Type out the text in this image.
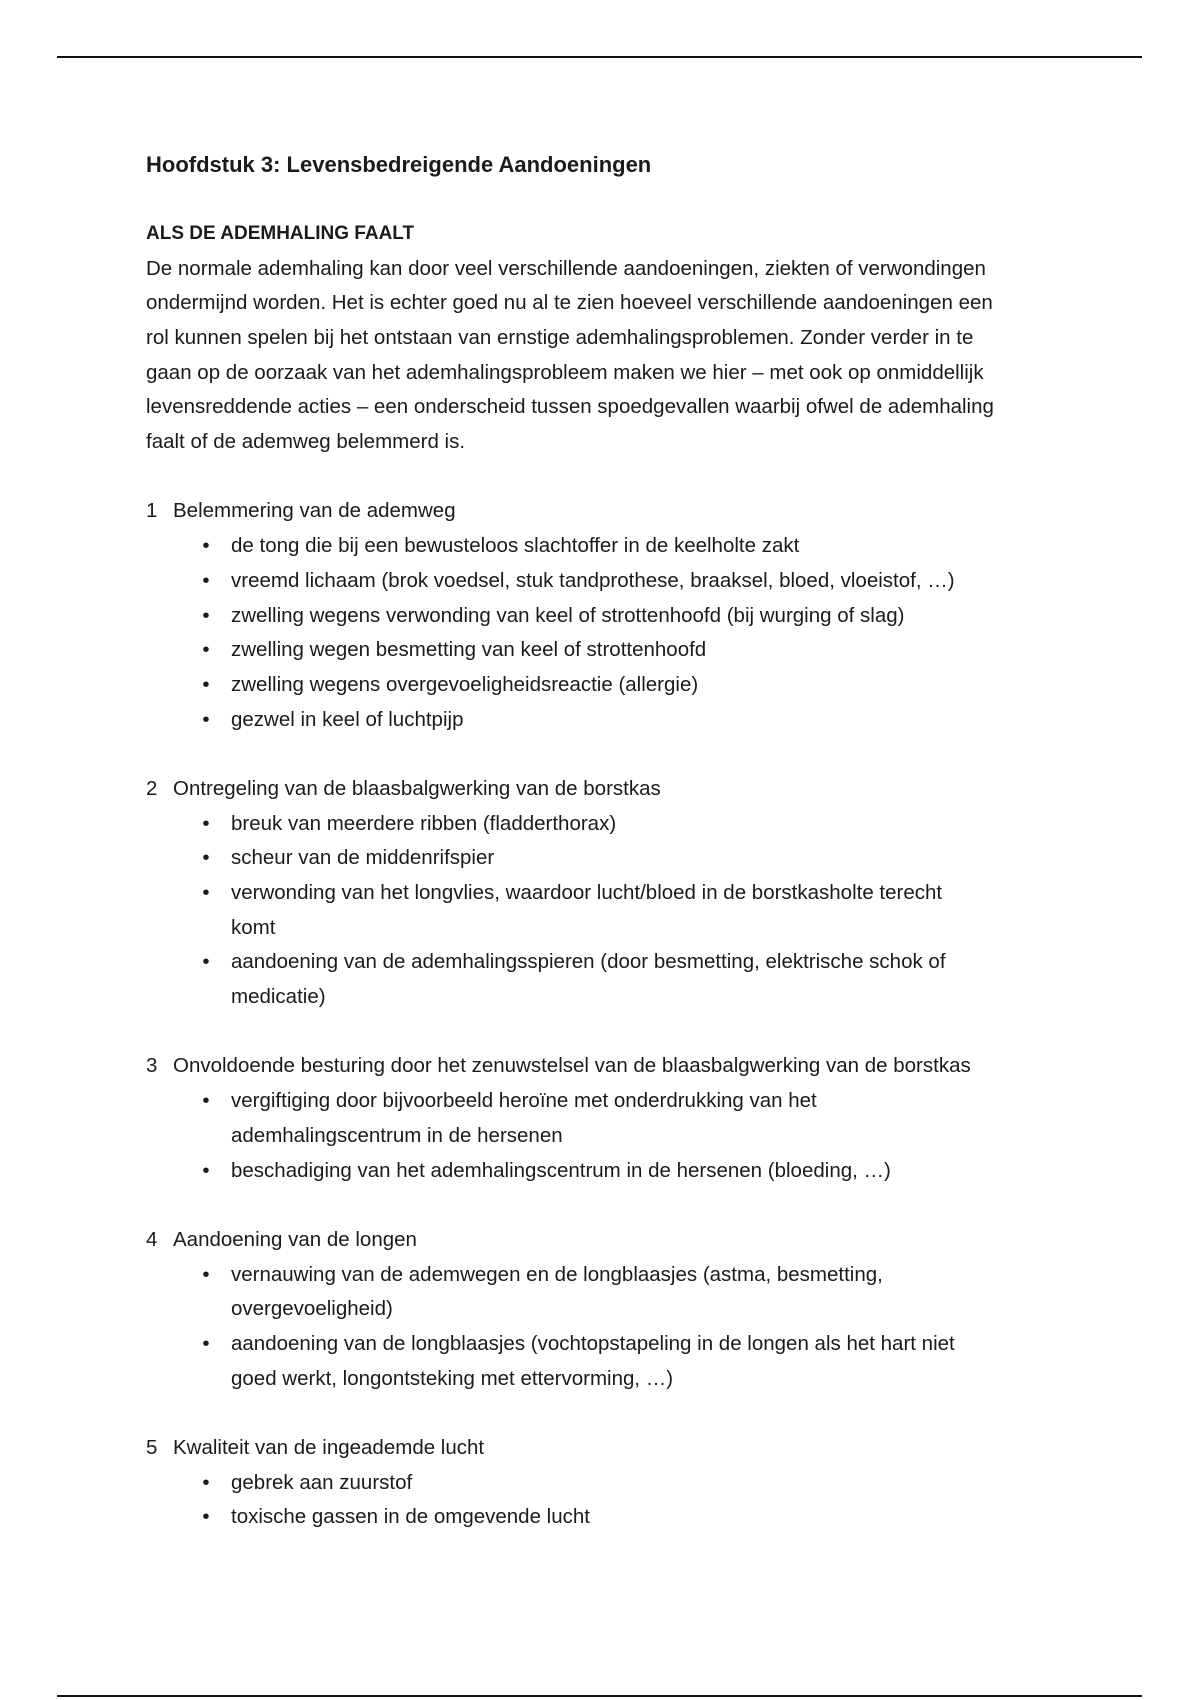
Hoofdstuk 3: Levensbedreigende Aandoeningen
ALS DE ADEMHALING FAALT
De normale ademhaling kan door veel verschillende aandoeningen, ziekten of verwondingen
ondermijnd worden. Het is echter goed nu al te zien hoeveel verschillende aandoeningen een
rol kunnen spelen bij het ontstaan van ernstige ademhalingsproblemen. Zonder verder in te
gaan op de oorzaak van het ademhalingsprobleem maken we hier – met ook op onmiddellijk
levensreddende acties – een onderscheid tussen spoedgevallen waarbij ofwel de ademhaling
faalt of de ademweg belemmerd is.
1 Belemmering van de ademweg
• de tong die bij een bewusteloos slachtoffer in de keelholte zakt
• vreemd lichaam (brok voedsel, stuk tandprothese, braaksel, bloed, vloeistof, …)
• zwelling wegens verwonding van keel of strottenhoofd (bij wurging of slag)
• zwelling wegen besmetting van keel of strottenhoofd
• zwelling wegens overgevoeligheidsreactie (allergie)
• gezwel in keel of luchtpijp
2 Ontregeling van de blaasbalgwerking van de borstkas
• breuk van meerdere ribben (fladderthorax)
• scheur van de middenrifspier
• verwonding van het longvlies, waardoor lucht/bloed in de borstkasholte terecht
komt
• aandoening van de ademhalingsspieren (door besmetting, elektrische schok of
medicatie)
3 Onvoldoende besturing door het zenuwstelsel van de blaasbalgwerking van de borstkas
• vergiftiging door bijvoorbeeld heroïne met onderdrukking van het
ademhalingscentrum in de hersenen
• beschadiging van het ademhalingscentrum in de hersenen (bloeding, …)
4 Aandoening van de longen
• vernauwing van de ademwegen en de longblaasjes (astma, besmetting,
overgevoeligheid)
• aandoening van de longblaasjes (vochtopstapeling in de longen als het hart niet
goed werkt, longontsteking met ettervorming, …)
5 Kwaliteit van de ingeademde lucht
• gebrek aan zuurstof
• toxische gassen in de omgevende lucht
